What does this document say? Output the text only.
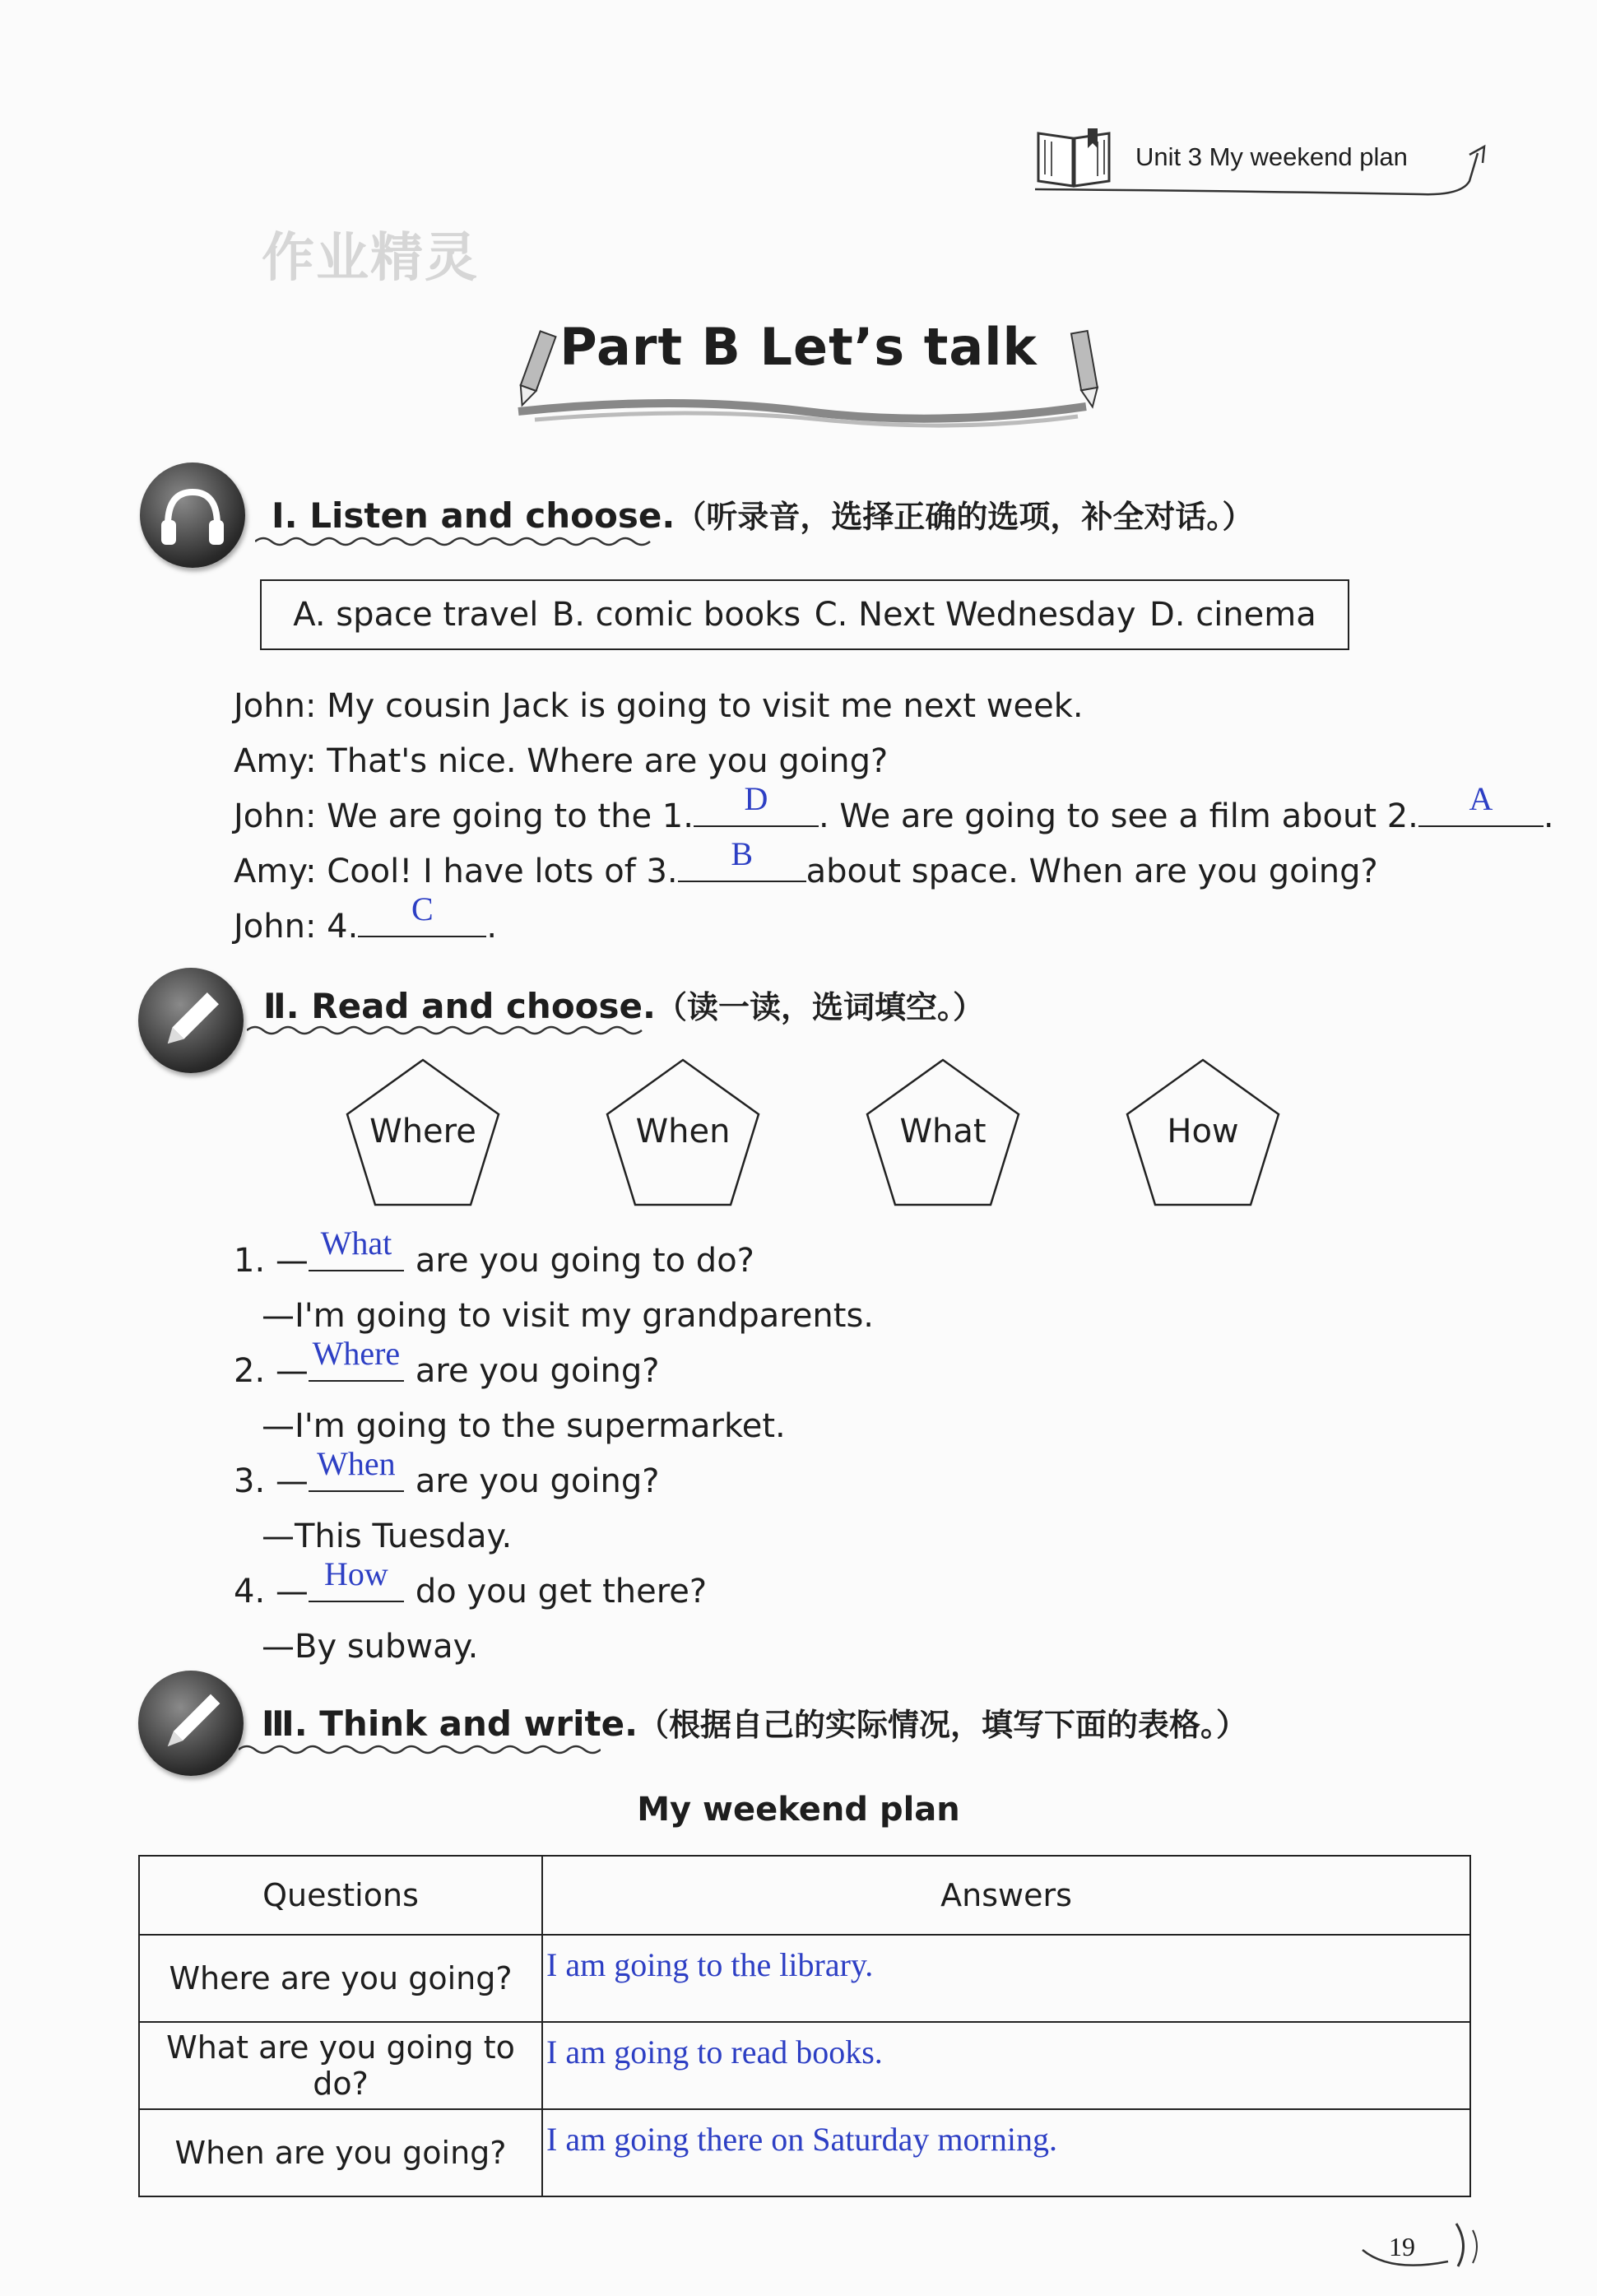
Unit 3 My weekend plan
作业精灵
Part B Let’s talk
Ⅰ. Listen and choose.（听录音，选择正确的选项，补全对话。）
A. space travel B. comic books C. Next Wednesday D. cinema
John: My cousin Jack is going to visit me next week.
Amy: That's nice. Where are you going?
John: We are going to the 1.	D	. We are going to see a film about 2.	A	.
Amy: Cool! I have lots of 3.	B	about space. When are you going?
John: 4.	C	.
Ⅱ. Read and choose.（读一读，选词填空。）
Where	When	What	How
1. — What are you going to do?
—I'm going to visit my grandparents.
2. — Where are you going?
—I'm going to the supermarket.
3. — When are you going?
—This Tuesday.
4. — How do you get there?
—By subway.
Ⅲ. Think and write.（根据自己的实际情况，填写下面的表格。）
My weekend plan
Questions	Answers
Where are you going?	I am going to the library.
What are you going to do?	I am going to read books.
When are you going?	I am going there on Saturday morning.
19
